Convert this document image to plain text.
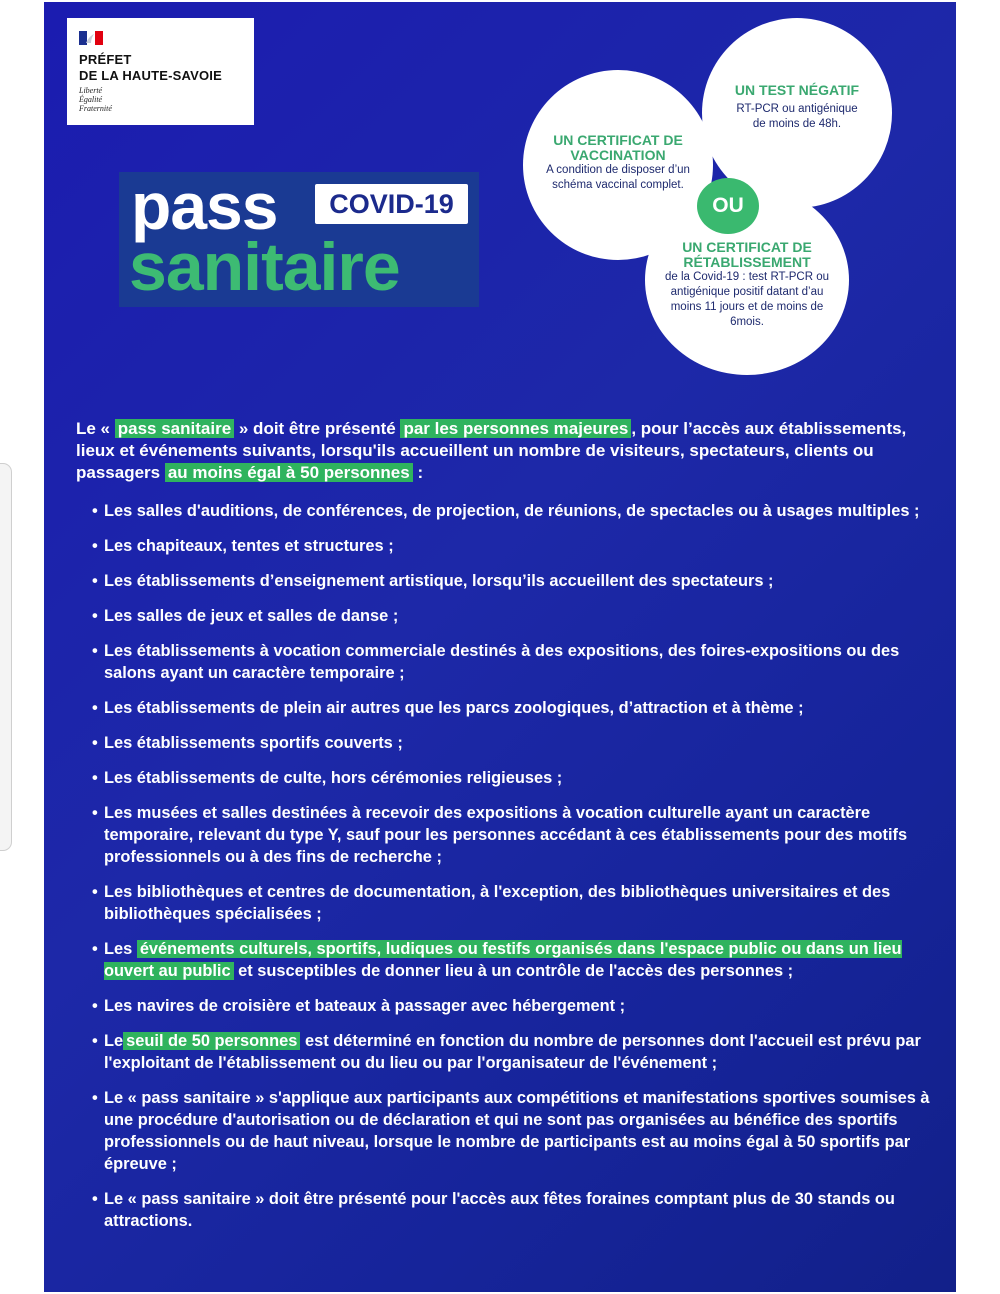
PRÉFET
DE LA HAUTE-SAVOIE
Liberté
Égalité
Fraternité
pass	COVID-19
sanitaire
UN CERTIFICAT DE VACCINATION
A condition de disposer d’un schéma vaccinal complet.
UN TEST NÉGATIF
RT-PCR ou antigénique de moins de 48h.
UN CERTIFICAT DE RÉTABLISSEMENT
de la Covid-19 : test RT-PCR ou antigénique positif datant d’au moins 11 jours et de moins de 6mois.
OU

Le « pass sanitaire » doit être présenté par les personnes majeures , pour l’accès aux établissements, lieux et événements suivants, lorsqu'ils accueillent un nombre de visiteurs, spectateurs, clients ou passagers au moins égal à 50 personnes :

• Les salles d'auditions, de conférences, de projection, de réunions, de spectacles ou à usages multiples ;
• Les chapiteaux, tentes et structures ;
• Les établissements d’enseignement artistique, lorsqu’ils accueillent des spectateurs ;
• Les salles de jeux et salles de danse ;
• Les établissements à vocation commerciale destinés à des expositions, des foires-expositions ou des salons ayant un caractère temporaire ;
• Les établissements de plein air autres que les parcs zoologiques, d’attraction et à thème ;
• Les établissements sportifs couverts ;
• Les établissements de culte, hors cérémonies religieuses ;
• Les musées et salles destinées à recevoir des expositions à vocation culturelle ayant un caractère temporaire, relevant du type Y, sauf pour les personnes accédant à ces établissements pour des motifs professionnels ou à des fins de recherche ;
• Les bibliothèques et centres de documentation, à l'exception, des bibliothèques universitaires et des bibliothèques spécialisées ;
• Les événements culturels, sportifs, ludiques ou festifs organisés dans l'espace public ou dans un lieu ouvert au public et susceptibles de donner lieu à un contrôle de l'accès des personnes ;
• Les navires de croisière et bateaux à passager avec hébergement ;
• Le seuil de 50 personnes est déterminé en fonction du nombre de personnes dont l'accueil est prévu par l'exploitant de l'établissement ou du lieu ou par l'organisateur de l'événement ;
• Le « pass sanitaire » s'applique aux participants aux compétitions et manifestations sportives soumises à une procédure d'autorisation ou de déclaration et qui ne sont pas organisées au bénéfice des sportifs professionnels ou de haut niveau, lorsque le nombre de participants est au moins égal à 50 sportifs par épreuve ;
• Le « pass sanitaire » doit être présenté pour l'accès aux fêtes foraines comptant plus de 30 stands ou attractions.
